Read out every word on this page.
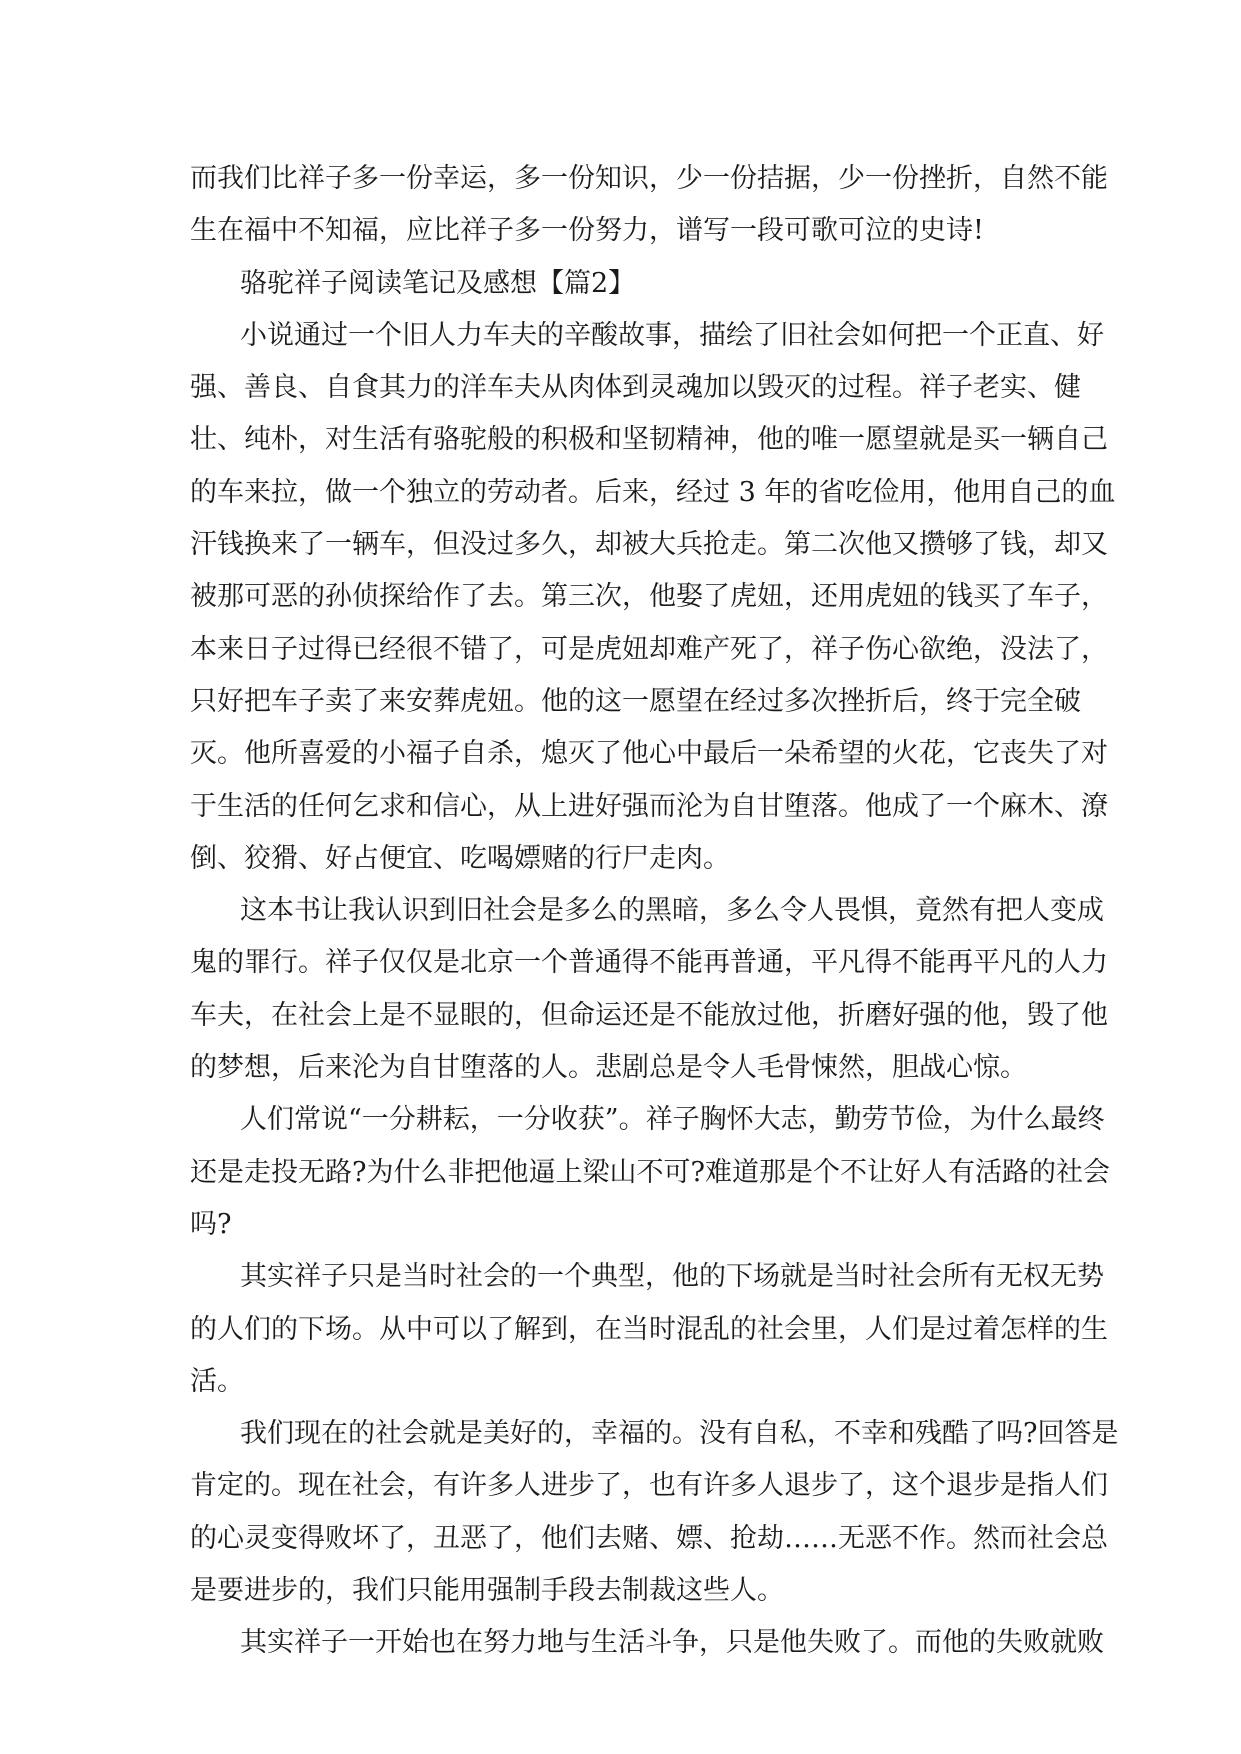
而我们比祥子多一份幸运，多一份知识，少一份拮据，少一份挫折，自然不能
生在福中不知福，应比祥子多一份努力，谱写一段可歌可泣的史诗!
骆驼祥子阅读笔记及感想【篇2】
小说通过一个旧人力车夫的辛酸故事，描绘了旧社会如何把一个正直、好
强、善良、自食其力的洋车夫从肉体到灵魂加以毁灭的过程。祥子老实、健
壮、纯朴，对生活有骆驼般的积极和坚韧精神，他的唯一愿望就是买一辆自己
的车来拉，做一个独立的劳动者。后来，经过 3 年的省吃俭用，他用自己的血
汗钱换来了一辆车，但没过多久，却被大兵抢走。第二次他又攒够了钱，却又
被那可恶的孙侦探给作了去。第三次，他娶了虎妞，还用虎妞的钱买了车子，
本来日子过得已经很不错了，可是虎妞却难产死了，祥子伤心欲绝，没法了，
只好把车子卖了来安葬虎妞。他的这一愿望在经过多次挫折后，终于完全破
灭。他所喜爱的小福子自杀，熄灭了他心中最后一朵希望的火花，它丧失了对
于生活的任何乞求和信心，从上进好强而沦为自甘堕落。他成了一个麻木、潦
倒、狡猾、好占便宜、吃喝嫖赌的行尸走肉。
这本书让我认识到旧社会是多么的黑暗，多么令人畏惧，竟然有把人变成
鬼的罪行。祥子仅仅是北京一个普通得不能再普通，平凡得不能再平凡的人力
车夫，在社会上是不显眼的，但命运还是不能放过他，折磨好强的他，毁了他
的梦想，后来沦为自甘堕落的人。悲剧总是令人毛骨悚然，胆战心惊。
人们常说“一分耕耘，一分收获”。祥子胸怀大志，勤劳节俭，为什么最终
还是走投无路?为什么非把他逼上梁山不可?难道那是个不让好人有活路的社会
吗?
其实祥子只是当时社会的一个典型，他的下场就是当时社会所有无权无势
的人们的下场。从中可以了解到，在当时混乱的社会里，人们是过着怎样的生
活。
我们现在的社会就是美好的，幸福的。没有自私，不幸和残酷了吗?回答是
肯定的。现在社会，有许多人进步了，也有许多人退步了，这个退步是指人们
的心灵变得败坏了，丑恶了，他们去赌、嫖、抢劫……无恶不作。然而社会总
是要进步的，我们只能用强制手段去制裁这些人。
其实祥子一开始也在努力地与生活斗争，只是他失败了。而他的失败就败
